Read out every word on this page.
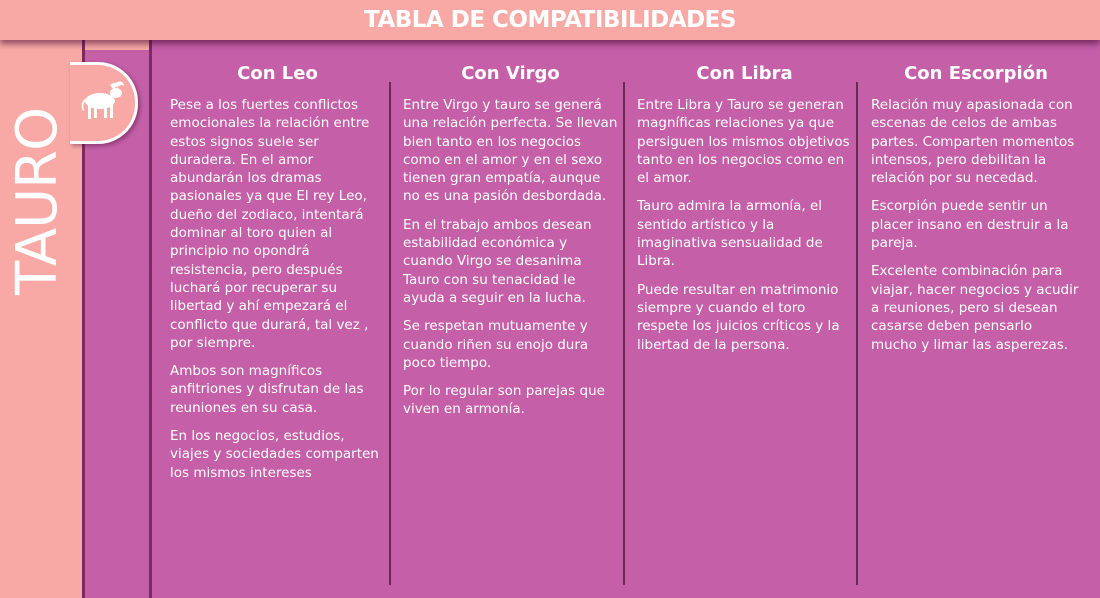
TABLA DE COMPATIBILIDADES
TAURO
Con Leo

Pese a los fuertes conflictos emocionales la relación entre estos signos suele ser duradera. En el amor abundarán los dramas pasionales ya que El rey Leo, dueño del zodiaco, intentará dominar al toro quien al principio no opondrá resistencia, pero después luchará por recuperar su libertad y ahí empezará el conflicto que durará, tal vez , por siempre.

Ambos son magníficos anfitriones y disfrutan de las reuniones en su casa.

En los negocios, estudios, viajes y sociedades comparten los mismos intereses

Con Virgo

Entre Virgo y tauro se generá una relación perfecta. Se llevan bien tanto en los negocios como en el amor y en el sexo tienen gran empatía, aunque no es una pasión desbordada.

En el trabajo ambos desean estabilidad económica y cuando Virgo se desanima Tauro con su tenacidad le ayuda a seguir en la lucha.

Se respetan mutuamente y cuando riñen su enojo dura poco tiempo.

Por lo regular son parejas que viven en armonía.

Con Libra

Entre Libra y Tauro se generan magníficas relaciones ya que persiguen los mismos objetivos tanto en los negocios como en el amor.

Tauro admira la armonía, el sentido artístico y la imaginativa sensualidad de Libra.

Puede resultar en matrimonio siempre y cuando el toro respete los juicios críticos y la libertad de la persona.

Con Escorpión

Relación muy apasionada con escenas de celos de ambas partes. Comparten momentos intensos, pero debilitan la relación por su necedad.

Escorpión puede sentir un placer insano en destruir a la pareja.

Excelente combinación para viajar, hacer negocios y acudir a reuniones, pero si desean casarse deben pensarlo mucho y limar las asperezas.
